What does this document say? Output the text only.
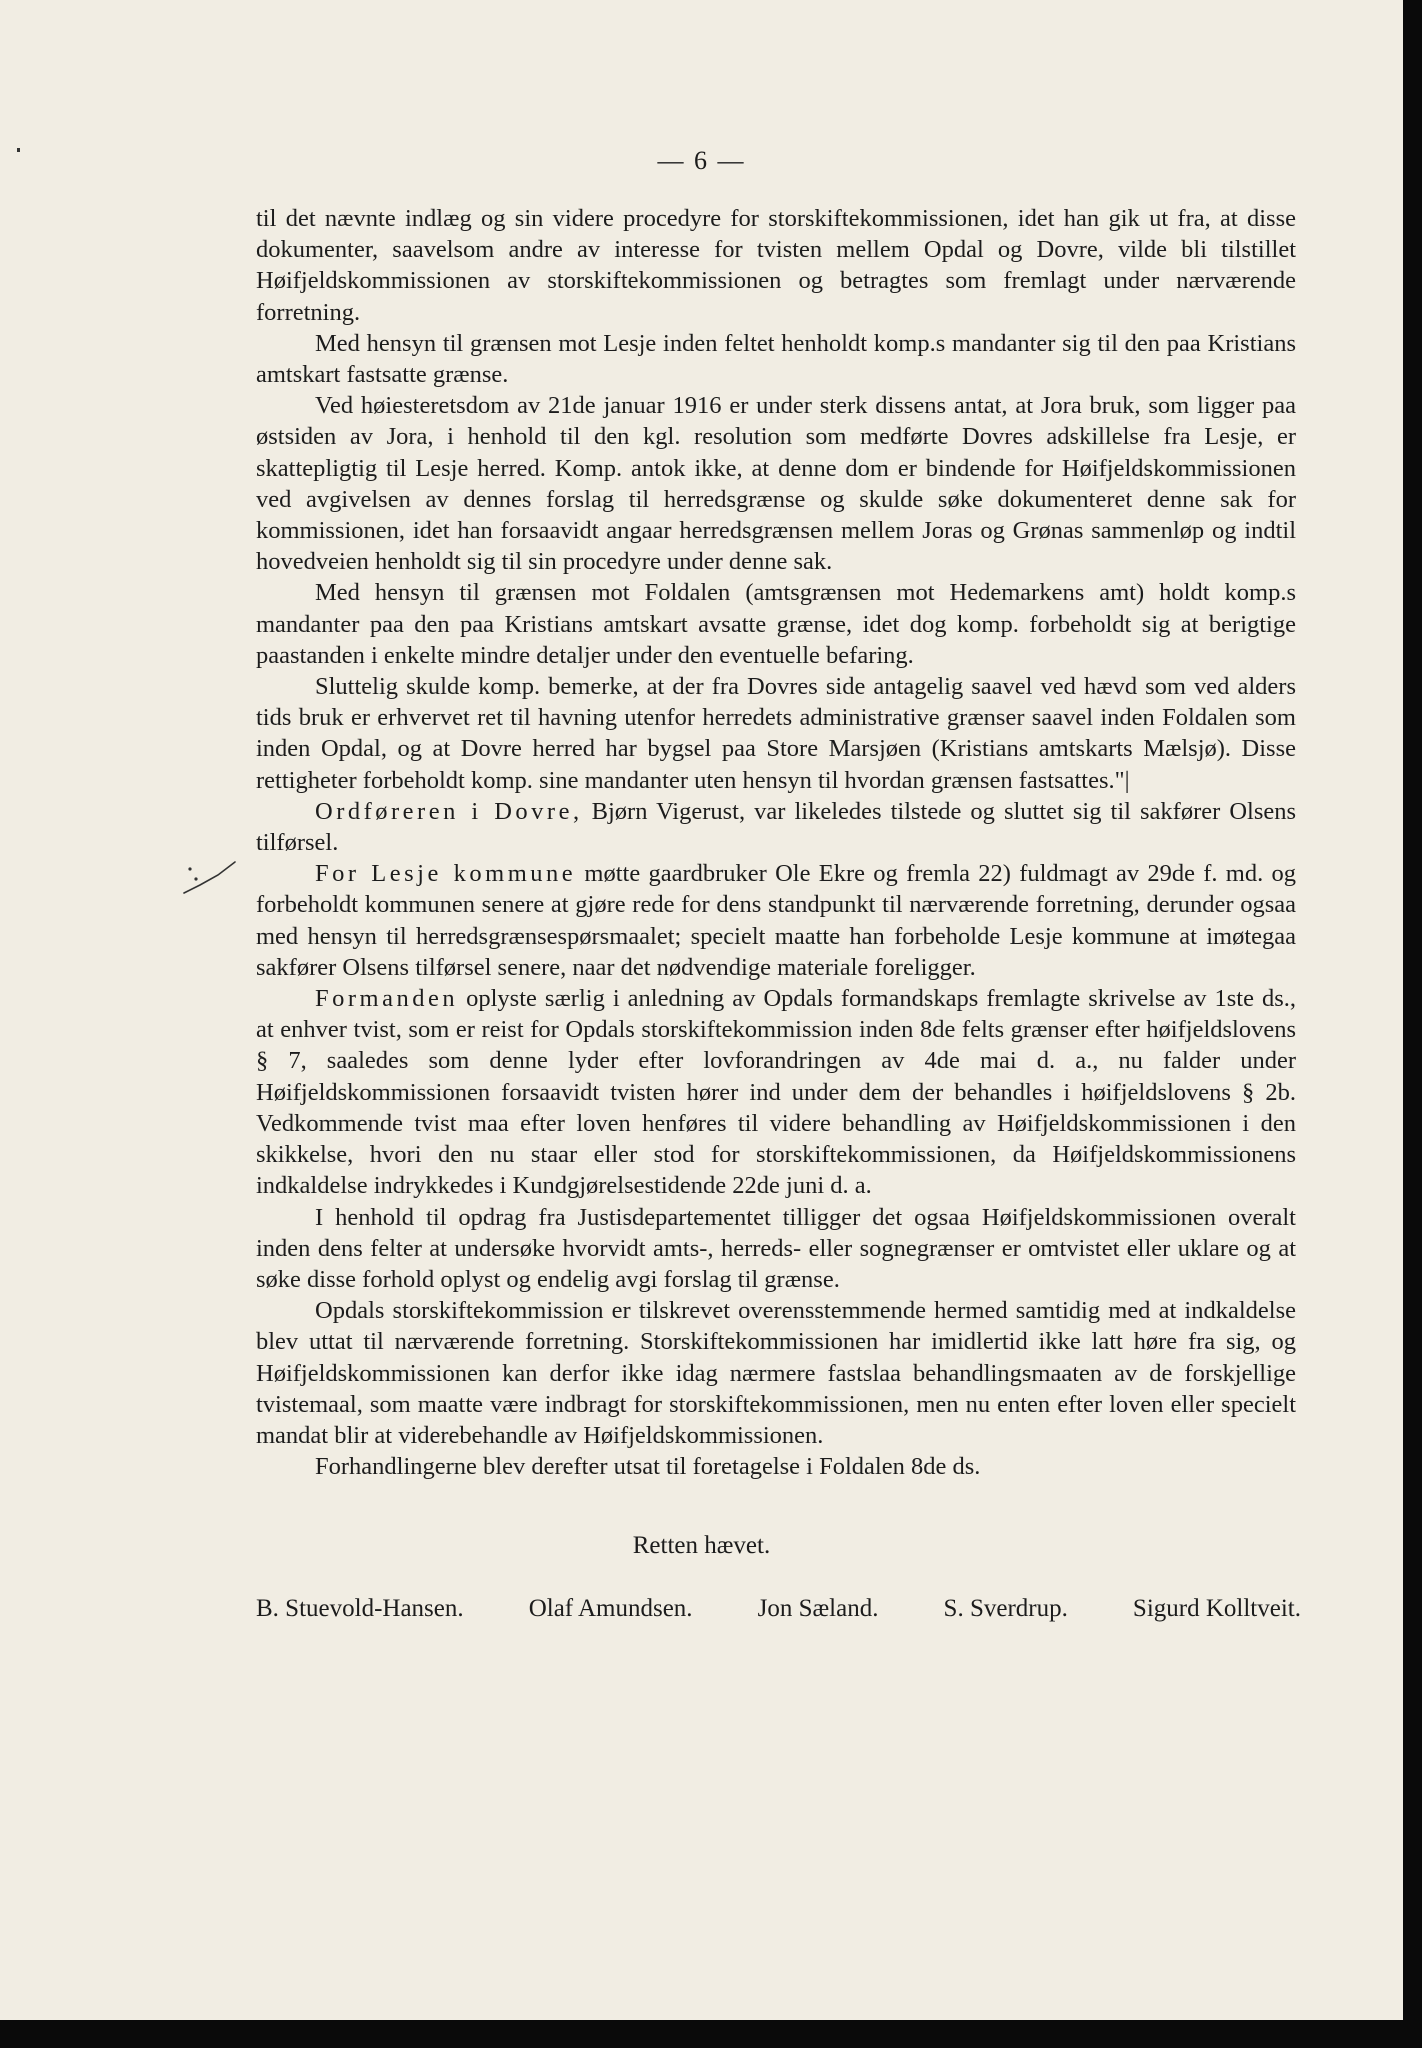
— 6 —

til det nævnte indlæg og sin videre procedyre for storskiftekommissionen, idet han gik ut fra, at disse dokumenter, saavelsom andre av interesse for tvisten mellem Opdal og Dovre, vilde bli tilstillet Høifjeldskommissionen av storskiftekommissionen og betragtes som fremlagt under nærværende forretning.

Med hensyn til grænsen mot Lesje inden feltet henholdt komp.s mandanter sig til den paa Kristians amtskart fastsatte grænse.

Ved høiesteretsdom av 21de januar 1916 er under sterk dissens antat, at Jora bruk, som ligger paa østsiden av Jora, i henhold til den kgl. resolution som medførte Dovres adskillelse fra Lesje, er skattepligtig til Lesje herred. Komp. antok ikke, at denne dom er bindende for Høifjeldskommissionen ved avgivelsen av dennes forslag til herredsgrænse og skulde søke dokumenteret denne sak for kommissionen, idet han forsaavidt angaar herredsgrænsen mellem Joras og Grønas sammenløp og indtil hovedveien henholdt sig til sin procedyre under denne sak.

Med hensyn til grænsen mot Foldalen (amtsgrænsen mot Hedemarkens amt) holdt komp.s mandanter paa den paa Kristians amtskart avsatte grænse, idet dog komp. forbeholdt sig at berigtige paastanden i enkelte mindre detaljer under den eventuelle befaring.

Sluttelig skulde komp. bemerke, at der fra Dovres side antagelig saavel ved hævd som ved alders tids bruk er erhvervet ret til havning utenfor herredets administrative grænser saavel inden Foldalen som inden Opdal, og at Dovre herred har bygsel paa Store Marsjøen (Kristians amtskarts Mælsjø). Disse rettigheter forbeholdt komp. sine mandanter uten hensyn til hvordan grænsen fastsattes."|

Ordføreren i Dovre, Bjørn Vigerust, var likeledes tilstede og sluttet sig til sakfører Olsens tilførsel.

For Lesje kommune møtte gaardbruker Ole Ekre og fremla 22) fuldmagt av 29de f. md. og forbeholdt kommunen senere at gjøre rede for dens standpunkt til nærværende forretning, derunder ogsaa med hensyn til herredsgrænsespørsmaalet; specielt maatte han forbeholde Lesje kommune at imøtegaa sakfører Olsens tilførsel senere, naar det nødvendige materiale foreligger.

Formanden oplyste særlig i anledning av Opdals formandskaps fremlagte skrivelse av 1ste ds., at enhver tvist, som er reist for Opdals storskiftekommission inden 8de felts grænser efter høifjeldslovens § 7, saaledes som denne lyder efter lovforandringen av 4de mai d. a., nu falder under Høifjeldskommissionen forsaavidt tvisten hører ind under dem der behandles i høifjeldslovens § 2b. Vedkommende tvist maa efter loven henføres til videre behandling av Høifjeldskommissionen i den skikkelse, hvori den nu staar eller stod for storskiftekommissionen, da Høifjeldskommissionens indkaldelse indrykkedes i Kundgjørelsestidende 22de juni d. a.

I henhold til opdrag fra Justisdepartementet tilligger det ogsaa Høifjeldskommissionen overalt inden dens felter at undersøke hvorvidt amts-, herreds- eller sognegrænser er omtvistet eller uklare og at søke disse forhold oplyst og endelig avgi forslag til grænse.

Opdals storskiftekommission er tilskrevet overensstemmende hermed samtidig med at indkaldelse blev uttat til nærværende forretning. Storskiftekommissionen har imidlertid ikke latt høre fra sig, og Høifjeldskommissionen kan derfor ikke idag nærmere fastslaa behandlingsmaaten av de forskjellige tvistemaal, som maatte være indbragt for storskiftekommissionen, men nu enten efter loven eller specielt mandat blir at viderebehandle av Høifjeldskommissionen.

Forhandlingerne blev derefter utsat til foretagelse i Foldalen 8de ds.

Retten hævet.
B. Stuevold-Hansen.	Olaf Amundsen.	Jon Sæland.	S. Sverdrup.	Sigurd Kolltveit.
